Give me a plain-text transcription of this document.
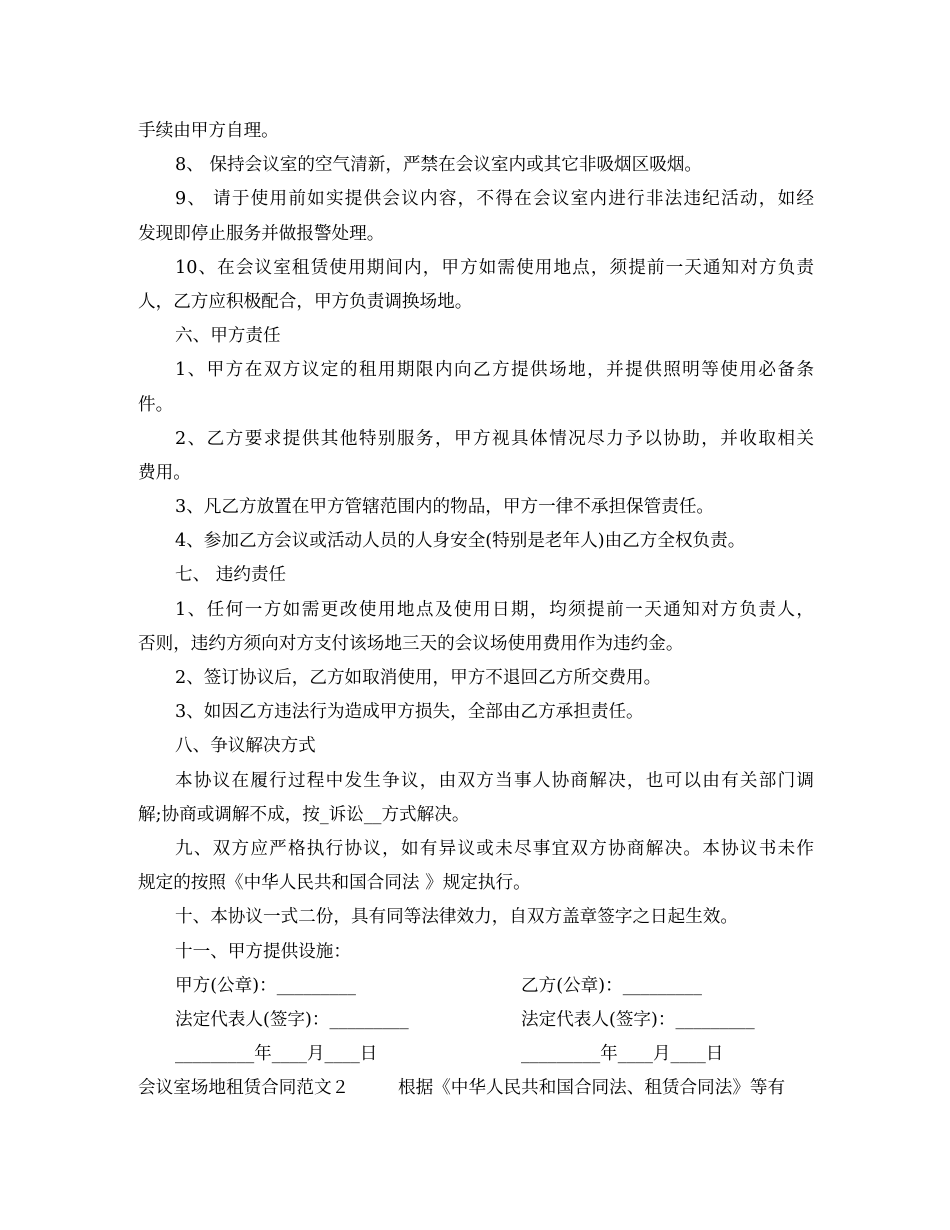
手续由甲方自理。
8、 保持会议室的空气清新，严禁在会议室内或其它非吸烟区吸烟。
9、 请于使用前如实提供会议内容，不得在会议室内进行非法违纪活动，如经
发现即停止服务并做报警处理。
10、在会议室租赁使用期间内，甲方如需使用地点，须提前一天通知对方负责
人，乙方应积极配合，甲方负责调换场地。
六、甲方责任
1、甲方在双方议定的租用期限内向乙方提供场地，并提供照明等使用必备条
件。
2、乙方要求提供其他特别服务，甲方视具体情况尽力予以协助，并收取相关
费用。
3、凡乙方放置在甲方管辖范围内的物品，甲方一律不承担保管责任。
4、参加乙方会议或活动人员的人身安全(特别是老年人)由乙方全权负责。
七、 违约责任
1、任何一方如需更改使用地点及使用日期，均须提前一天通知对方负责人，
否则，违约方须向对方支付该场地三天的会议场使用费用作为违约金。
2、签订协议后，乙方如取消使用，甲方不退回乙方所交费用。
3、如因乙方违法行为造成甲方损失，全部由乙方承担责任。
八、争议解决方式
本协议在履行过程中发生争议，由双方当事人协商解决，也可以由有关部门调
解;协商或调解不成，按_诉讼__方式解决。
九、双方应严格执行协议，如有异议或未尽事宜双方协商解决。本协议书未作
规定的按照《中华人民共和国合同法 》规定执行。
十、本协议一式二份，具有同等法律效力，自双方盖章签字之日起生效。
十一、甲方提供设施：
甲方(公章)：_________	乙方(公章)：_________
法定代表人(签字)：_________	法定代表人(签字)：_________
_________年____月____日	_________年____月____日
会议室场地租赁合同范文２	根据《中华人民共和国合同法、租赁合同法》等有
